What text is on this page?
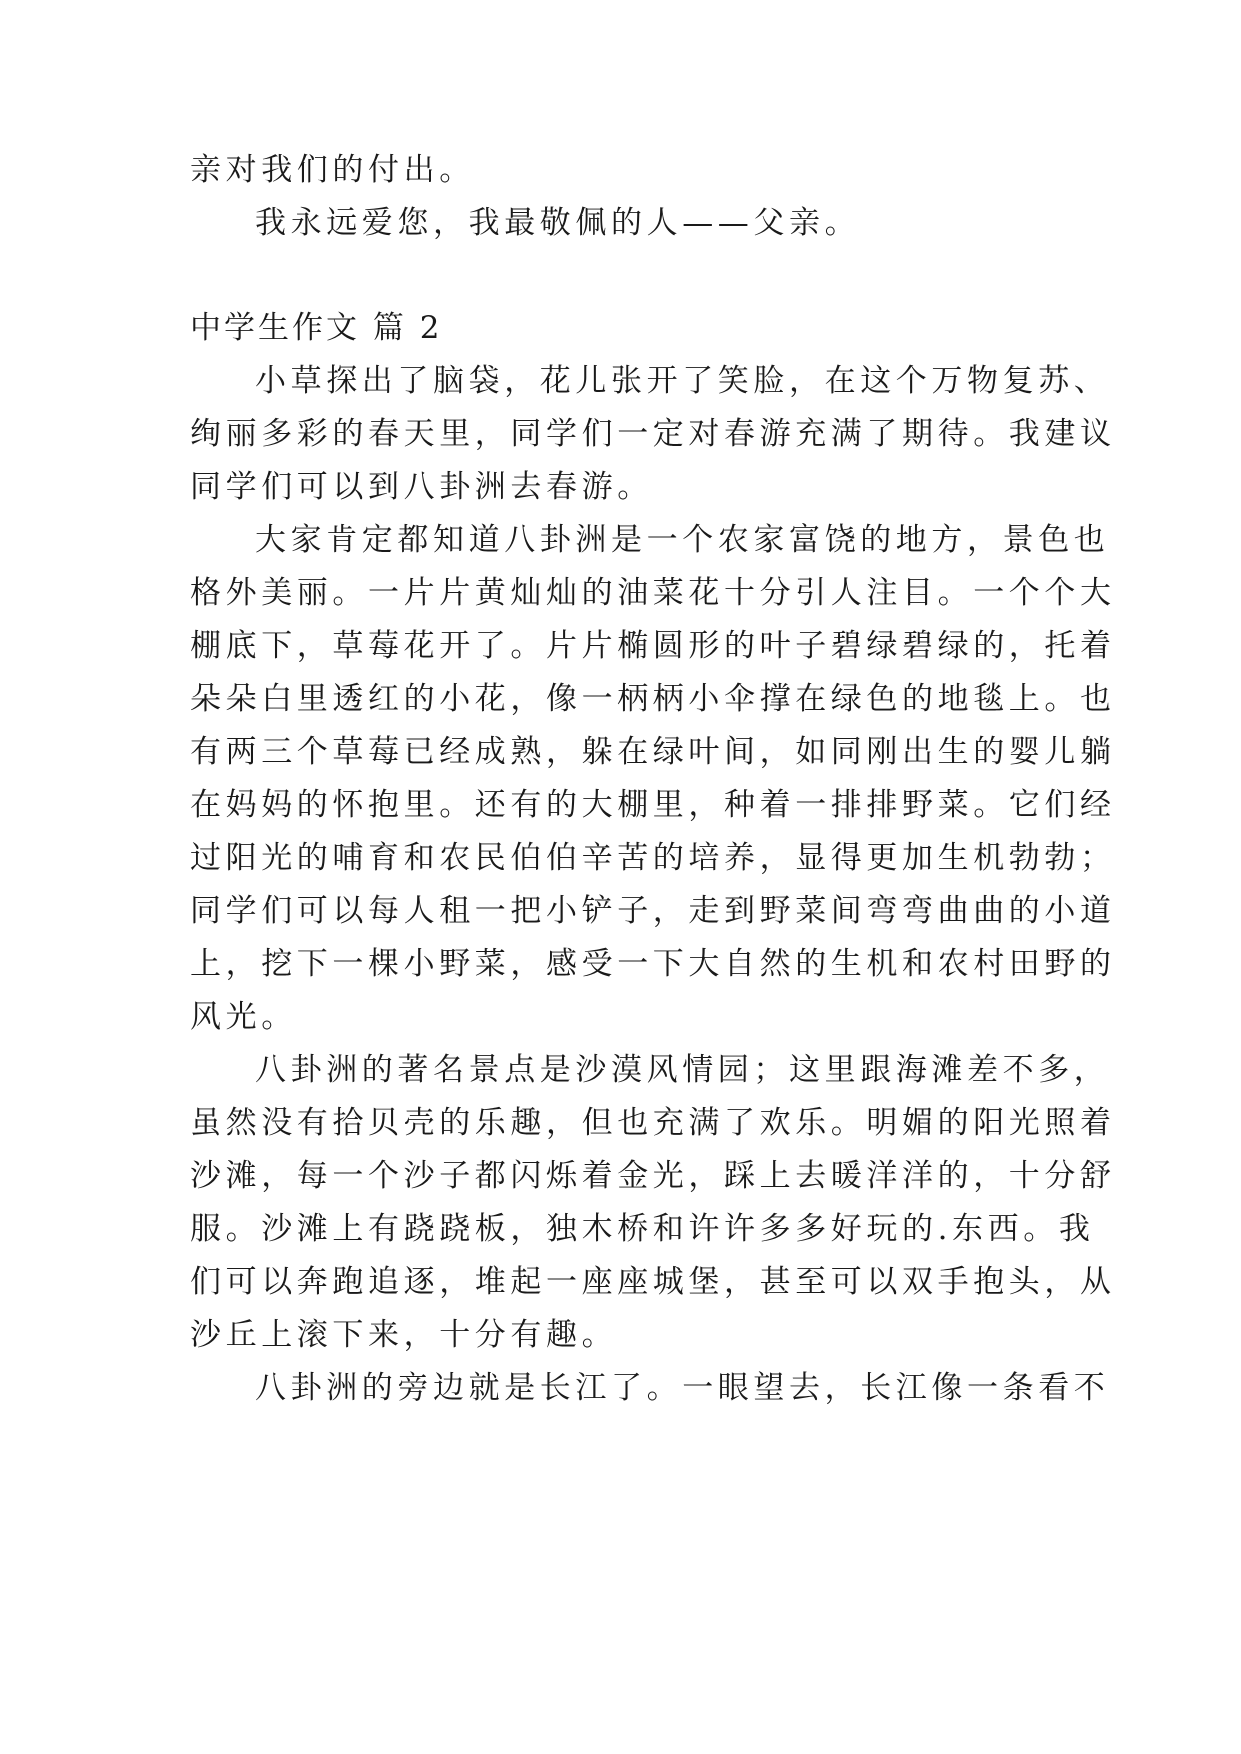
亲对我们的付出。
我永远爱您，我最敬佩的人——父亲。
中学生作文 篇 2
小草探出了脑袋，花儿张开了笑脸，在这个万物复苏、
绚丽多彩的春天里，同学们一定对春游充满了期待。我建议
同学们可以到八卦洲去春游。
大家肯定都知道八卦洲是一个农家富饶的地方，景色也
格外美丽。一片片黄灿灿的油菜花十分引人注目。一个个大
棚底下，草莓花开了。片片椭圆形的叶子碧绿碧绿的，托着
朵朵白里透红的小花，像一柄柄小伞撑在绿色的地毯上。也
有两三个草莓已经成熟，躲在绿叶间，如同刚出生的婴儿躺
在妈妈的怀抱里。还有的大棚里，种着一排排野菜。它们经
过阳光的哺育和农民伯伯辛苦的培养，显得更加生机勃勃；
同学们可以每人租一把小铲子，走到野菜间弯弯曲曲的小道
上，挖下一棵小野菜，感受一下大自然的生机和农村田野的
风光。
八卦洲的著名景点是沙漠风情园；这里跟海滩差不多，
虽然没有拾贝壳的乐趣，但也充满了欢乐。明媚的阳光照着
沙滩，每一个沙子都闪烁着金光，踩上去暖洋洋的，十分舒
服。沙滩上有跷跷板，独木桥和许许多多好玩的.东西。我
们可以奔跑追逐，堆起一座座城堡，甚至可以双手抱头，从
沙丘上滚下来，十分有趣。
八卦洲的旁边就是长江了。一眼望去，长江像一条看不
